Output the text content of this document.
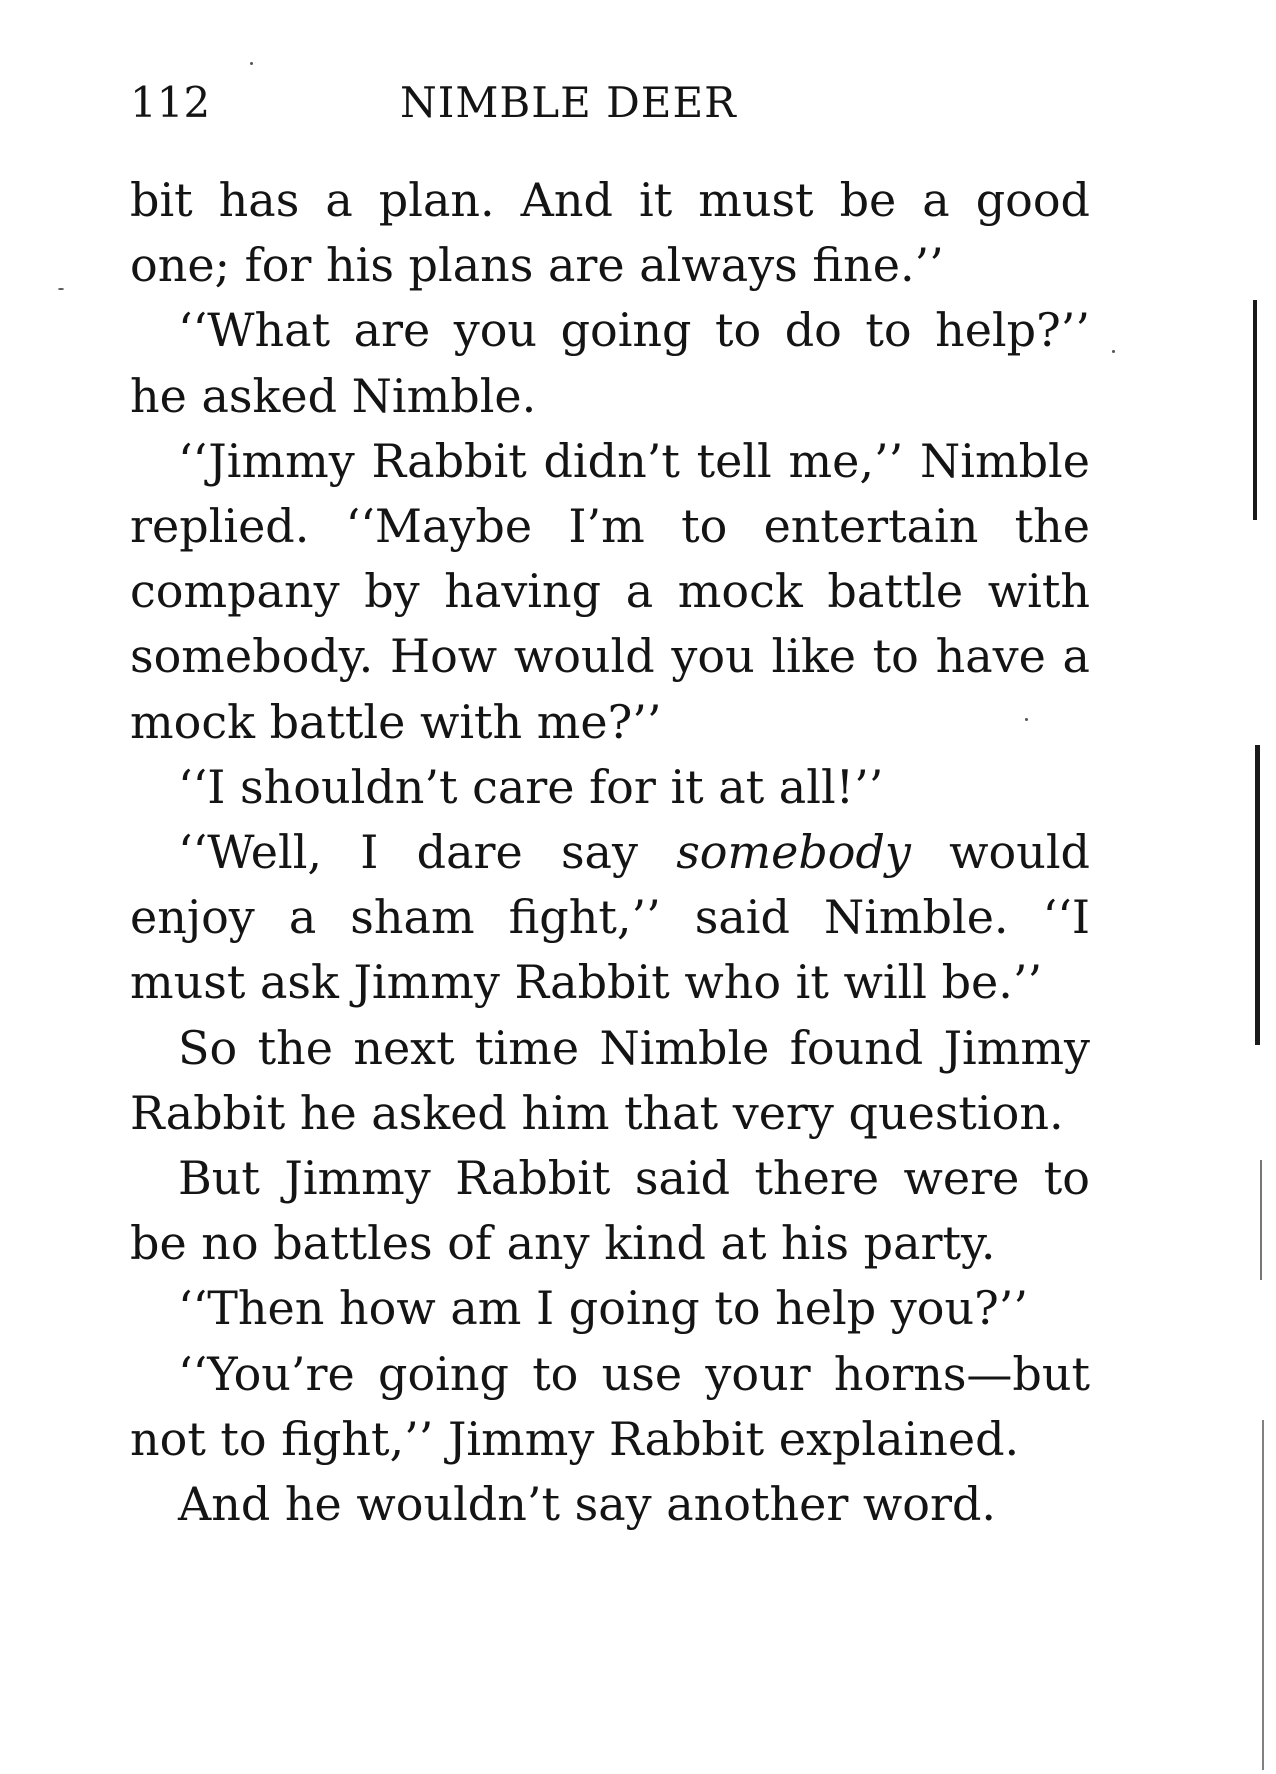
112	NIMBLE DEER

bit has a plan. And it must be a good one; for his plans are always fine.’’

‘‘What are you going to do to help?’’ he asked Nimble.

‘‘Jimmy Rabbit didn’t tell me,’’ Nimble replied. ‘‘Maybe I’m to entertain the company by having a mock battle with somebody. How would you like to have a mock battle with me?’’

‘‘I shouldn’t care for it at all!’’

‘‘Well, I dare say somebody would enjoy a sham fight,’’ said Nimble. ‘‘I must ask Jimmy Rabbit who it will be.’’

So the next time Nimble found Jimmy Rabbit he asked him that very question.

But Jimmy Rabbit said there were to be no battles of any kind at his party.

‘‘Then how am I going to help you?’’

‘‘You’re going to use your horns—but not to fight,’’ Jimmy Rabbit explained.

And he wouldn’t say another word.
